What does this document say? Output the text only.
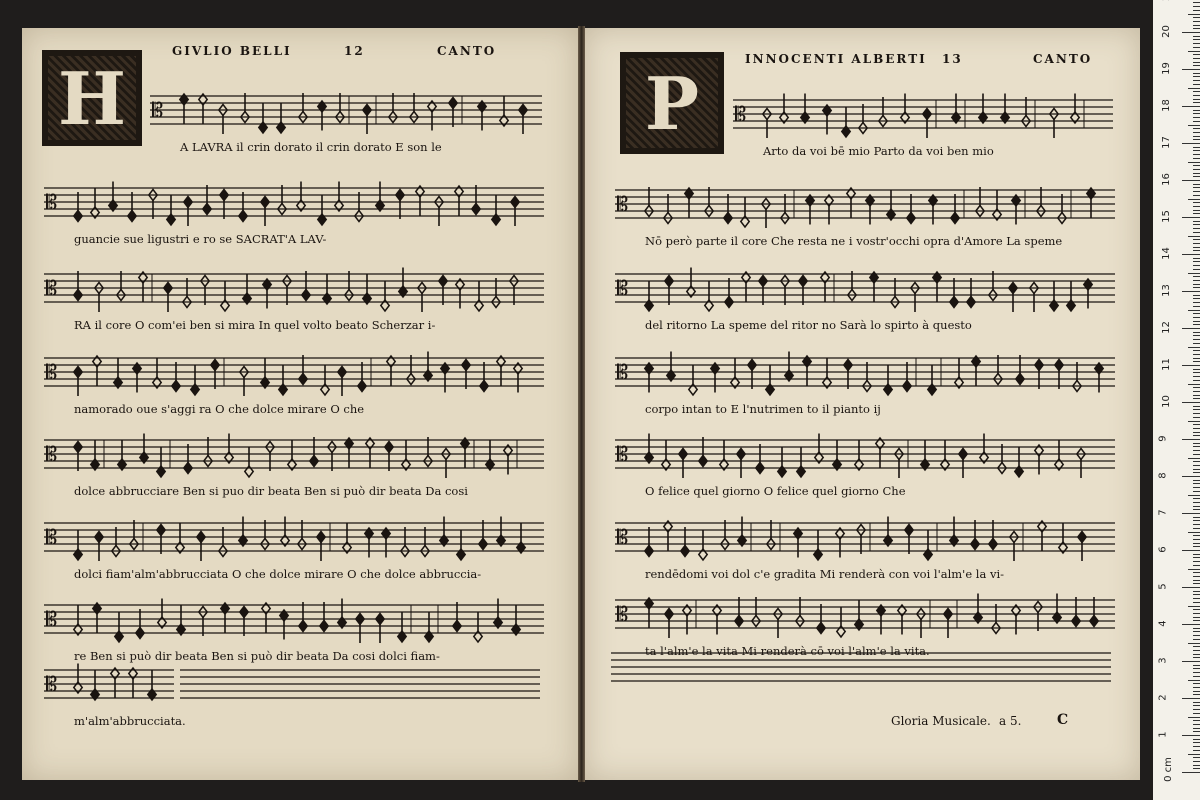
H
GIVLIO BELLI	12	CANTO
𝄡
A LAVRA il crin dorato il crin dorato E son le
𝄡
guancie sue ligustri e ro se SACRAT'A LAV-
𝄡
RA il core O com'ei ben si mira In quel volto beato Scherzar i-
𝄡
namorado oue s'aggi ra O che dolce mirare O che
𝄡
dolce abbrucciare Ben si puo dir beata Ben si può dir beata Da cosi
𝄡
dolci fiam'alm'abbrucciata O che dolce mirare O che dolce abbruccia-
𝄡
re Ben si può dir beata Ben si può dir beata Da cosi dolci fiam-
𝄡
m'alm'abbrucciata.
P
INNOCENTI ALBERTI 13	CANTO
Gloria Musicale. a 5.	C
𝄡
Arto da voi bē mio Parto da voi ben mio
𝄡
Nō però parte il core Che resta ne i vostr'occhi opra d'Amore La speme
𝄡
del ritorno La speme del ritor no Sarà lo spirto à questo
𝄡
corpo intan to E l'nutrimen to il pianto ij
𝄡
O felice quel giorno O felice quel giorno Che
𝄡
rendēdomi voi dol c'e gradita Mi renderà con voi l'alm'e la vi-
𝄡
ta l'alm'e la vita Mi renderà cō voi l'alm'e la vita.
0 cm
1
2
3
4
5
6
7
8
9
10
11
12
13
14
15
16
17
18
19
20
